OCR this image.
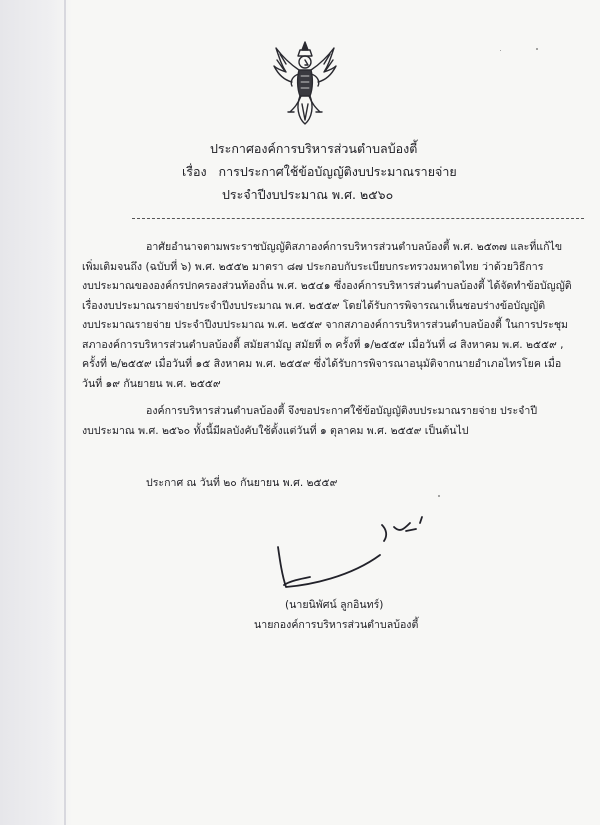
ประกาศองค์การบริหารส่วนตำบลบ้องตี้
เรื่อง การประกาศใช้ข้อบัญญัติงบประมาณรายจ่าย
ประจำปีงบประมาณ พ.ศ. ๒๕๖๐
อาศัยอำนาจตามพระราชบัญญัติสภาองค์การบริหารส่วนตำบลบ้องตี้ พ.ศ. ๒๕๓๗ และที่แก้ไข
เพิ่มเติมจนถึง (ฉบับที่ ๖) พ.ศ. ๒๕๕๒ มาตรา ๘๗ ประกอบกับระเบียบกระทรวงมหาดไทย ว่าด้วยวิธีการ
งบประมาณขององค์กรปกครองส่วนท้องถิ่น พ.ศ. ๒๕๔๑ ซึ่งองค์การบริหารส่วนตำบลบ้องตี้ ได้จัดทำข้อบัญญัติ
เรื่องงบประมาณรายจ่ายประจำปีงบประมาณ พ.ศ. ๒๕๕๙ โดยได้รับการพิจารณาเห็นชอบร่างข้อบัญญัติ
งบประมาณรายจ่าย ประจำปีงบประมาณ พ.ศ. ๒๕๕๙ จากสภาองค์การบริหารส่วนตำบลบ้องตี้ ในการประชุม
สภาองค์การบริหารส่วนตำบลบ้องตี้ สมัยสามัญ สมัยที่ ๓ ครั้งที่ ๑/๒๕๕๙ เมื่อวันที่ ๘ สิงหาคม พ.ศ. ๒๕๕๙ ,
ครั้งที่ ๒/๒๕๕๙ เมื่อวันที่ ๑๕ สิงหาคม พ.ศ. ๒๕๕๙ ซึ่งได้รับการพิจารณาอนุมัติจากนายอำเภอไทรโยค เมื่อ
วันที่ ๑๙ กันยายน พ.ศ. ๒๕๕๙
องค์การบริหารส่วนตำบลบ้องตี้ จึงขอประกาศใช้ข้อบัญญัติงบประมาณรายจ่าย ประจำปี
งบประมาณ พ.ศ. ๒๕๖๐ ทั้งนี้มีผลบังคับใช้ตั้งแต่วันที่ ๑ ตุลาคม พ.ศ. ๒๕๕๙ เป็นต้นไป
ประกาศ ณ วันที่ ๒๐ กันยายน พ.ศ. ๒๕๕๙
(นายนิพัศน์ ลูกอินทร์)
นายกองค์การบริหารส่วนตำบลบ้องตี้
